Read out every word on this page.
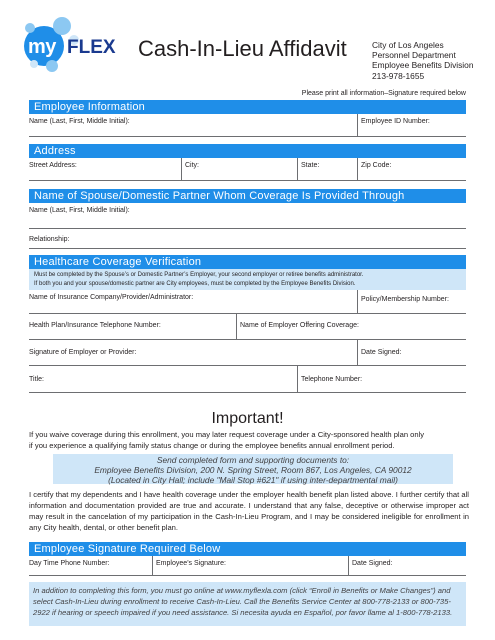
my FLEX Cash-In-Lieu Affidavit	City of Los Angeles
Personnel Department
Employee Benefits Division
213-978-1655
Please print all information–Signature required below
Employee Information
Name (Last, First, Middle Initial):	Employee ID Number:
Address
Street Address:	City:	State:	Zip Code:
Name of Spouse/Domestic Partner Whom Coverage Is Provided Through
Name (Last, First, Middle Initial):
Relationship:
Healthcare Coverage Verification
Must be completed by the Spouse’s or Domestic Partner’s Employer, your second employer or retiree benefits administrator.
If both you and your spouse/domestic partner are City employees, must be completed by the Employee Benefits Division.
Name of Insurance Company/Provider/Administrator:	Policy/Membership Number:
Health Plan/Insurance Telephone Number:	Name of Employer Offering Coverage:
Signature of Employer or Provider:	Date Signed:
Title:	Telephone Number:
Important!
If you waive coverage during this enrollment, you may later request coverage under a City-sponsored health plan only
if you experience a qualifying family status change or during the employee benefits annual enrollment period.
Send completed form and supporting documents to:
Employee Benefits Division, 200 N. Spring Street, Room 867, Los Angeles, CA 90012
(Located in City Hall; include "Mail Stop #621" if using inter-departmental mail)
I certify that my dependents and I have health coverage under the employer health benefit plan listed above. I further certify that all information and documentation provided are true and accurate. I understand that any false, deceptive or otherwise improper act may result in the cancelation of my participation in the Cash-In-Lieu Program, and I may be considered ineligible for enrollment in any City health, dental, or other benefit plan.
Employee Signature Required Below
Day Time Phone Number:	Employee’s Signature:	Date Signed:
In addition to completing this form, you must go online at www.myflexla.com (click “Enroll in Benefits or Make Changes”) and select Cash-In-Lieu during enrollment to receive Cash-In-Lieu. Call the Benefits Service Center at 800-778-2133 or 800-735-2922 if hearing or speech impaired if you need assistance. Si necesita ayuda en Español, por favor llame al 1-800-778-2133.
